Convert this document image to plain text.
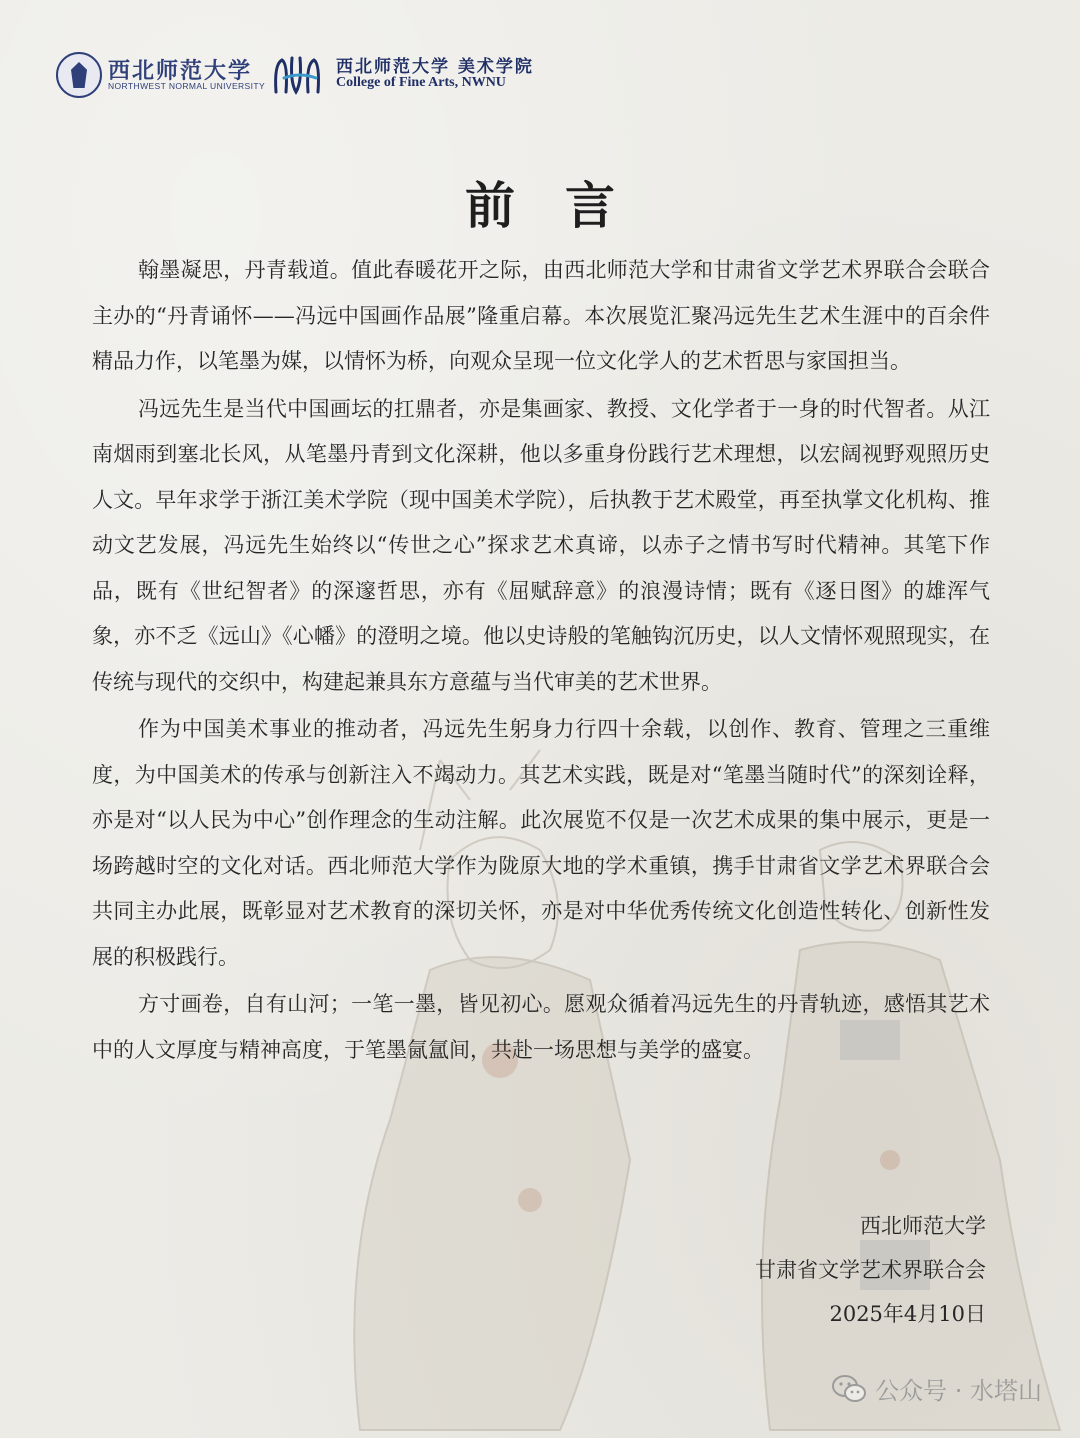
西北师范大学
NORTHWEST NORMAL UNIVERSITY
西北师范大学 美术学院
College of Fine Arts, NWNU
前言

翰墨凝思，丹青载道。值此春暖花开之际，由西北师范大学和甘肃省文学艺术界联合会联合主办的“丹青诵怀——冯远中国画作品展”隆重启幕。本次展览汇聚冯远先生艺术生涯中的百余件精品力作，以笔墨为媒，以情怀为桥，向观众呈现一位文化学人的艺术哲思与家国担当。

冯远先生是当代中国画坛的扛鼎者，亦是集画家、教授、文化学者于一身的时代智者。从江南烟雨到塞北长风，从笔墨丹青到文化深耕，他以多重身份践行艺术理想，以宏阔视野观照历史人文。早年求学于浙江美术学院（现中国美术学院），后执教于艺术殿堂，再至执掌文化机构、推动文艺发展，冯远先生始终以“传世之心”探求艺术真谛，以赤子之情书写时代精神。其笔下作品，既有《世纪智者》的深邃哲思，亦有《屈赋辞意》的浪漫诗情；既有《逐日图》的雄浑气象，亦不乏《远山》《心幡》的澄明之境。他以史诗般的笔触钩沉历史，以人文情怀观照现实，在传统与现代的交织中，构建起兼具东方意蕴与当代审美的艺术世界。

作为中国美术事业的推动者，冯远先生躬身力行四十余载，以创作、教育、管理之三重维度，为中国美术的传承与创新注入不竭动力。其艺术实践，既是对“笔墨当随时代”的深刻诠释，亦是对“以人民为中心”创作理念的生动注解。此次展览不仅是一次艺术成果的集中展示，更是一场跨越时空的文化对话。西北师范大学作为陇原大地的学术重镇，携手甘肃省文学艺术界联合会共同主办此展，既彰显对艺术教育的深切关怀，亦是对中华优秀传统文化创造性转化、创新性发展的积极践行。

方寸画卷，自有山河；一笔一墨，皆见初心。愿观众循着冯远先生的丹青轨迹，感悟其艺术中的人文厚度与精神高度，于笔墨氤氲间，共赴一场思想与美学的盛宴。

西北师范大学
甘肃省文学艺术界联合会
2025年4月10日
公众号 · 水塔山
